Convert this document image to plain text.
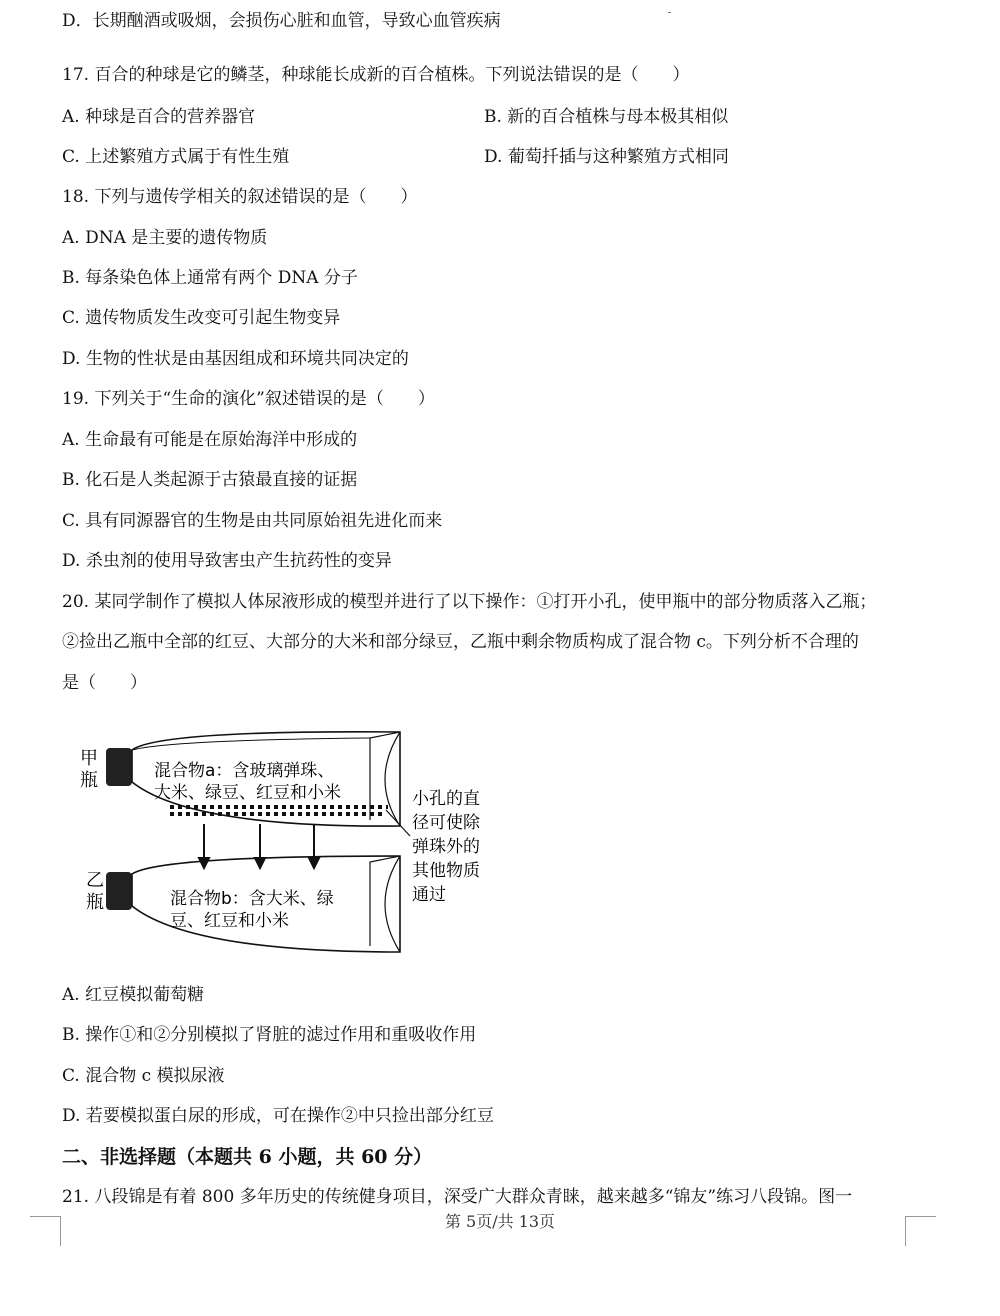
D．长期酗酒或吸烟，会损伤心脏和血管，导致心血管疾病
17. 百合的种球是它的鳞茎，种球能长成新的百合植株。下列说法错误的是（　　）
A. 种球是百合的营养器官	B. 新的百合植株与母本极其相似
C. 上述繁殖方式属于有性生殖	D. 葡萄扦插与这种繁殖方式相同
18. 下列与遗传学相关的叙述错误的是（　　）
A. DNA 是主要的遗传物质
B. 每条染色体上通常有两个 DNA 分子
C. 遗传物质发生改变可引起生物变异
D. 生物的性状是由基因组成和环境共同决定的
19. 下列关于“生命的演化”叙述错误的是（　　）
A. 生命最有可能是在原始海洋中形成的
B. 化石是人类起源于古猿最直接的证据
C. 具有同源器官的生物是由共同原始祖先进化而来
D. 杀虫剂的使用导致害虫产生抗药性的变异
20. 某同学制作了模拟人体尿液形成的模型并进行了以下操作：①打开小孔，使甲瓶中的部分物质落入乙瓶；
②捡出乙瓶中全部的红豆、大部分的大米和部分绿豆，乙瓶中剩余物质构成了混合物 c。下列分析不合理的
是（　　）
甲
瓶
乙
瓶
混合物a：含玻璃弹珠、
大米、绿豆、红豆和小米
混合物b：含大米、绿
豆、红豆和小米
小孔的直
径可使除
弹珠外的
其他物质
通过
A. 红豆模拟葡萄糖
B. 操作①和②分别模拟了肾脏的滤过作用和重吸收作用
C. 混合物 c 模拟尿液
D. 若要模拟蛋白尿的形成，可在操作②中只捡出部分红豆
二、非选择题（本题共 6 小题，共 60 分）
21. 八段锦是有着 800 多年历史的传统健身项目，深受广大群众青睐，越来越多“锦友”练习八段锦。图一
第 5页/共 13页
